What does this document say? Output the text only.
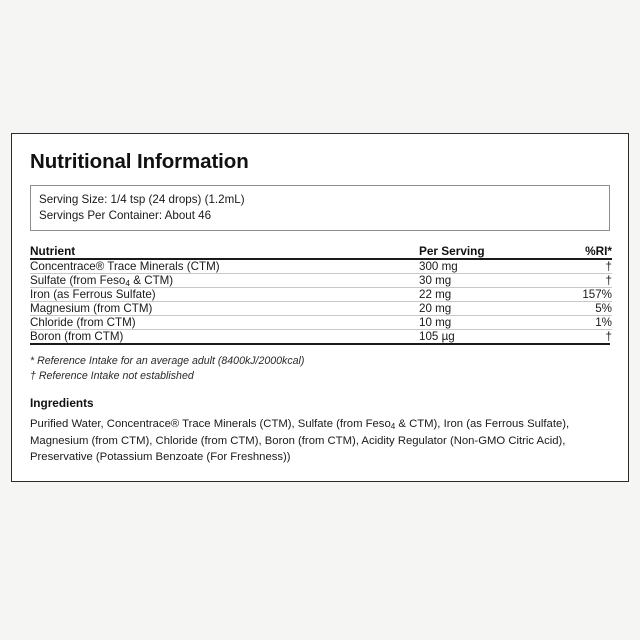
Nutritional Information
Serving Size: 1/4 tsp (24 drops) (1.2mL)
Servings Per Container: About 46
Nutrient	Per Serving	%RI*
Concentrace® Trace Minerals (CTM)	300 mg	†
Sulfate (from Feso$_4$ & CTM)	30 mg	†
Iron (as Ferrous Sulfate)	22 mg	157%
Magnesium (from CTM)	20 mg	5%
Chloride (from CTM)	10 mg	1%
Boron (from CTM)	105 µg	†
* Reference Intake for an average adult (8400kJ/2000kcal)
† Reference Intake not established
Ingredients
Purified Water, Concentrace® Trace Minerals (CTM), Sulfate (from Feso$_4$ & CTM), Iron (as Ferrous Sulfate), Magnesium (from CTM), Chloride (from CTM), Boron (from CTM), Acidity Regulator (Non-GMO Citric Acid), Preservative (Potassium Benzoate (For Freshness))
